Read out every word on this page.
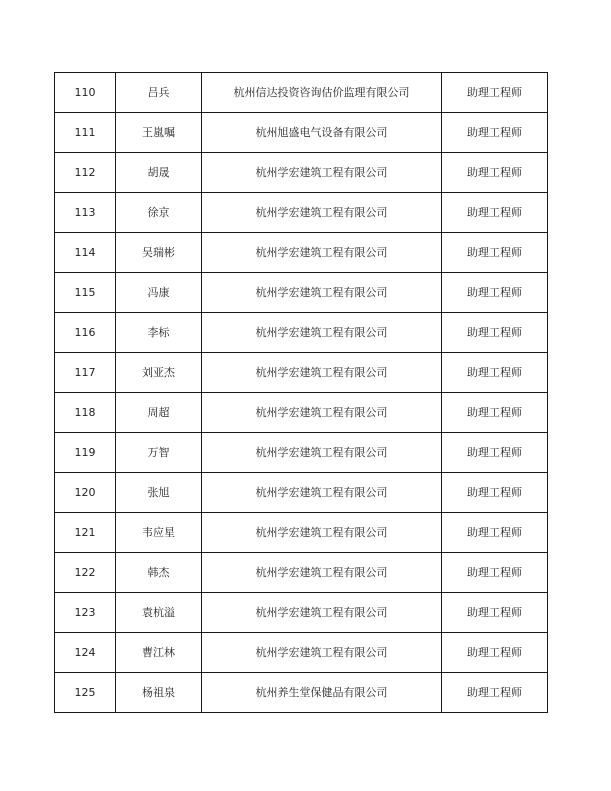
110	吕兵	杭州信达投资咨询估价监理有限公司	助理工程师
111	王嵐嘱	杭州旭盛电气设备有限公司	助理工程师
112	胡晟	杭州学宏建筑工程有限公司	助理工程师
113	徐京	杭州学宏建筑工程有限公司	助理工程师
114	吴瑞彬	杭州学宏建筑工程有限公司	助理工程师
115	冯康	杭州学宏建筑工程有限公司	助理工程师
116	李标	杭州学宏建筑工程有限公司	助理工程师
117	刘亚杰	杭州学宏建筑工程有限公司	助理工程师
118	周超	杭州学宏建筑工程有限公司	助理工程师
119	万智	杭州学宏建筑工程有限公司	助理工程师
120	张旭	杭州学宏建筑工程有限公司	助理工程师
121	韦应星	杭州学宏建筑工程有限公司	助理工程师
122	韩杰	杭州学宏建筑工程有限公司	助理工程师
123	袁杭溢	杭州学宏建筑工程有限公司	助理工程师
124	曹江林	杭州学宏建筑工程有限公司	助理工程师
125	杨祖泉	杭州养生堂保健品有限公司	助理工程师
